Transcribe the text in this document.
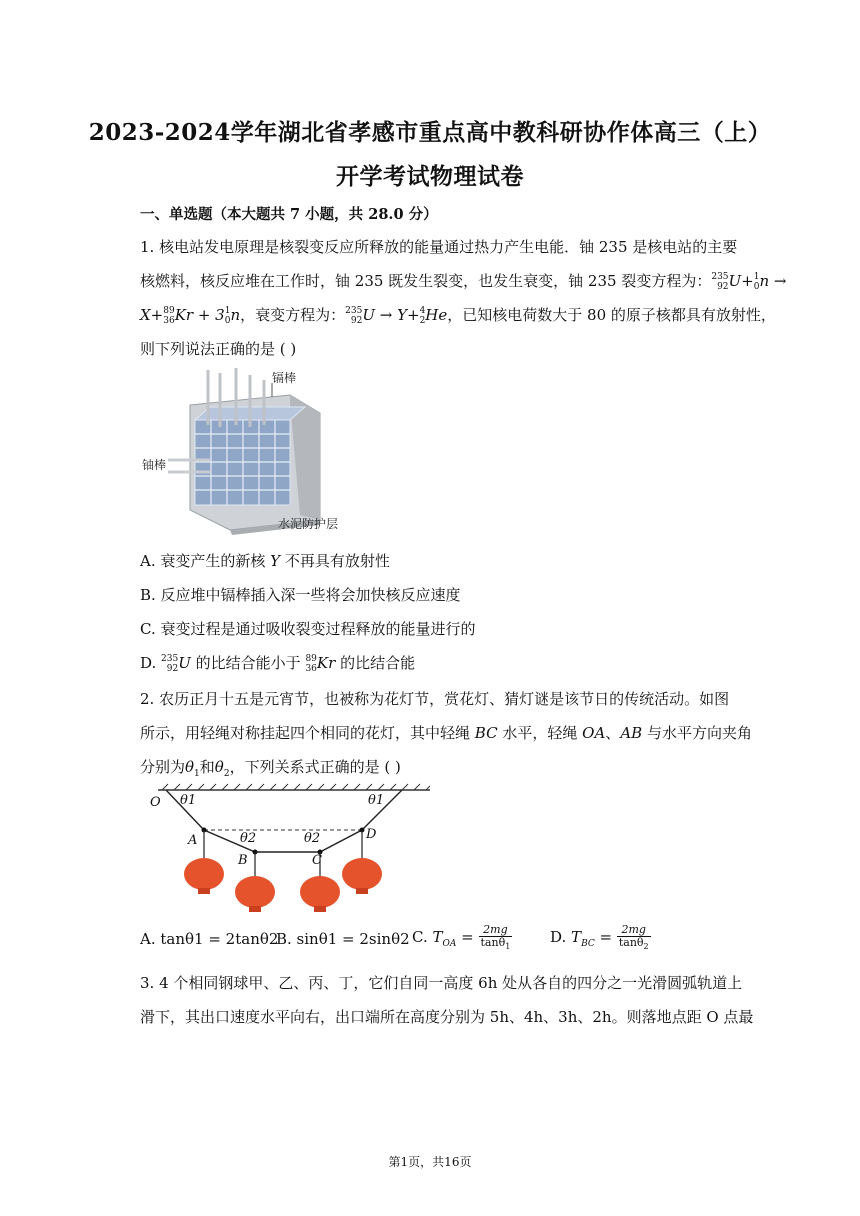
2023-2024学年湖北省孝感市重点高中教科研协作体高三（上）
开学考试物理试卷
一、单选题（本大题共 7 小题，共 28.0 分）
1. 核电站发电原理是核裂变反应所释放的能量通过热力产生电能．铀 235 是核电站的主要
核燃料，核反应堆在工作时，铀 235 既发生裂变，也发生衰变，铀 235 裂变方程为： 235
92 U+ 1
0 n →
X+ 89
36 Kr + 3 1
0 n，衰变方程为： 235
92 U → Y+ 4
2 He，已知核电荷数大于 80 的原子核都具有放射性，
则下列说法正确的是 ( )
镉棒
铀棒
水泥防护层
A. 衰变产生的新核 Y 不再具有放射性
B. 反应堆中镉棒插入深一些将会加快核反应速度
C. 衰变过程是通过吸收裂变过程释放的能量进行的
D. 235
92 U 的比结合能小于 89
36 Kr 的比结合能
2. 农历正月十五是元宵节，也被称为花灯节，赏花灯、猜灯谜是该节日的传统活动。如图
所示，用轻绳对称挂起四个相同的花灯，其中轻绳 BC 水平，轻绳 OA、AB 与水平方向夹角
分别为$\theta_1$和$\theta_2$，下列关系式正确的是 ( )
O
A
B	C
D
θ1	θ1
θ2	θ2
A. tanθ1 = 2tanθ2
B. sinθ1 = 2sinθ2 C. $T_{OA} = \frac{2mg}{\tan\theta_1}$	D. $T_{BC} = \frac{2mg}{\tan\theta_2}$
3. 4 个相同钢球甲、乙、丙、丁，它们自同一高度 6h 处从各自的四分之一光滑圆弧轨道上
滑下，其出口速度水平向右，出口端所在高度分别为 5h、4h、3h、2h。则落地点距 O 点最
第1页，共16页
